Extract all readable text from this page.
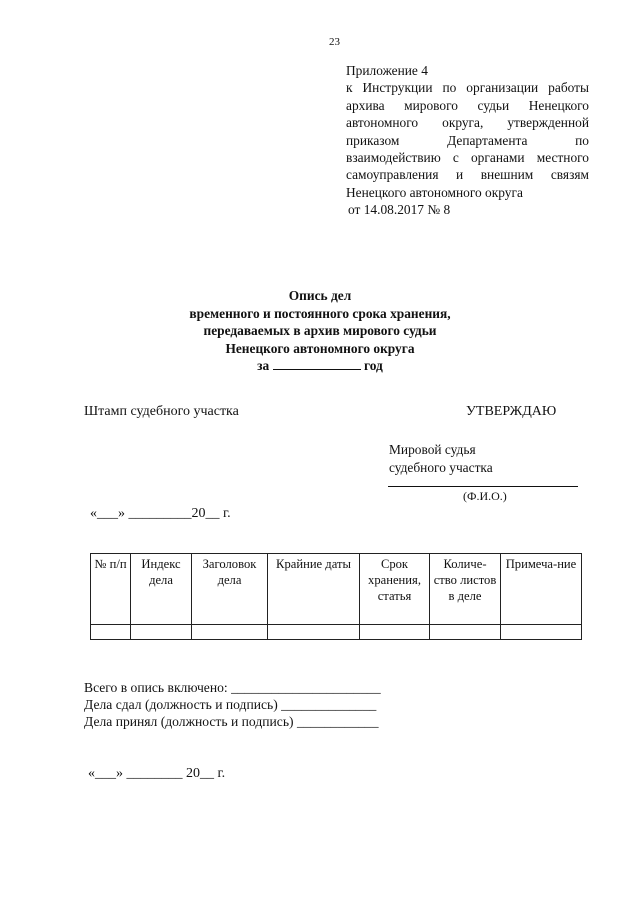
23
Приложение 4
к Инструкции по организации работы
архива мирового судьи Ненецкого
автономного округа, утвержденной
приказом Департамента по
взаимодействию с органами местного
самоуправления и внешним связям
Ненецкого автономного округа
от 14.08.2017 № 8
Опись дел
временного и постоянного срока хранения,
передаваемых в архив мирового судьи
Ненецкого автономного округа
за	год
Штамп судебного участка	УТВЕРЖДАЮ
Мировой судья
судебного участка
(Ф.И.О.)
«___» _________20__ г.
№ п/п	Индекс дела	Заголовок дела	Крайние даты	Срок хранения, статья	Количе-ство листов в деле	Примеча-ние

Всего в опись включено: ______________________
Дела сдал (должность и подпись) ______________
Дела принял (должность и подпись) ____________
«___» ________ 20__ г.
